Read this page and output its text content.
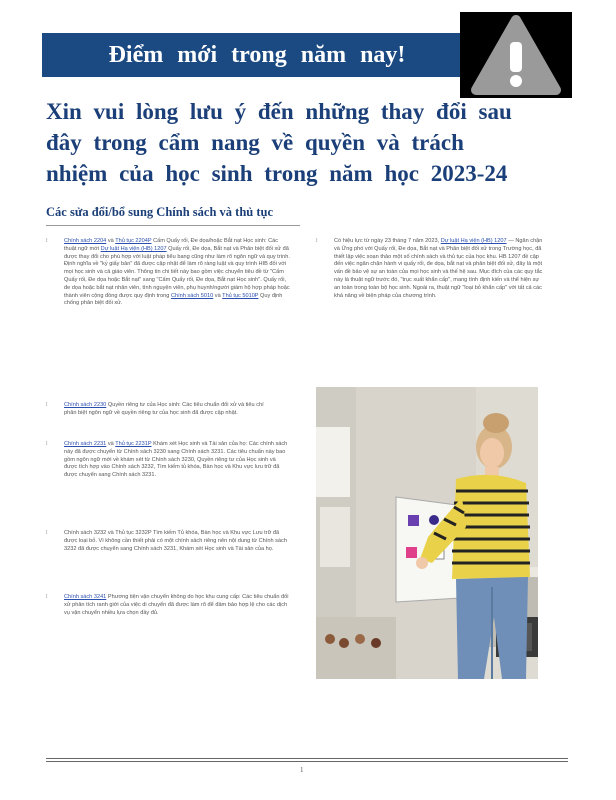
Điểm mới trong năm nay!
Xin vui lòng lưu ý đến những thay đổi sau đây trong cẩm nang về quyền và trách nhiệm của học sinh trong năm học 2023-24
Các sửa đổi/bổ sung Chính sách và thủ tục
⁞	Chính sách 2204 và Thủ tục 2204P Cấm Quấy rối, Đe dọa/hoặc Bắt nạt Học sinh: Các thuật ngữ mới Dự luật Hạ viện (HB) 1207 Quấy rối, Đe dọa, Bắt nạt và Phân biệt đối xử đã được thay đổi cho phù hợp với luật pháp tiểu bang cũng như làm rõ ngôn ngữ và quy trình. Định nghĩa về "kỷ giấy bản" đã được cập nhật để làm rõ ràng luật và quy trình HIB đối với mọi học sinh và cả giáo viên. Thông tin chi tiết này bao gồm việc chuyển tiêu đề từ "Cấm Quấy rối, Đe dọa hoặc Bắt nạt" sang "Cấm Quấy rối, Đe dọa, Bắt nạt Học sinh". Quấy rối, đe dọa hoặc bắt nạt nhân viên, tình nguyện viên, phụ huynh/người giám hộ hợp pháp hoặc thành viên cộng đồng được quy định trong Chính sách 5010 và Thủ tục 5010P Quy định chống phân biệt đối xử.
⁞	Chính sách 2230 Quyền riêng tư của Học sinh: Các tiêu chuẩn đối xử và tiêu chí phân biệt ngôn ngữ về quyền riêng tư của học sinh đã được cập nhật.
⁞	Chính sách 2231 và Thủ tục 2231P Khám xét Học sinh và Tài sản của họ: Các chính sách này đã được chuyển từ Chính sách 3230 sang Chính sách 3231. Các tiêu chuẩn này bao gồm ngôn ngữ mới về khám xét từ Chính sách 3230, Quyền riêng tư của Học sinh và được tích hợp vào Chính sách 3232, Tìm kiếm tủ khóa, Bàn học và Khu vực lưu trữ đã được chuyển sang Chính sách 3231.
⁞	Chính sách 3232 và Thủ tục 3232P Tìm kiếm Tủ khóa, Bàn học và Khu vực Lưu trữ đã được loại bỏ. Vì không cần thiết phải có một chính sách riêng nên nội dung từ Chính sách 3232 đã được chuyển sang Chính sách 3231, Khám xét Học sinh và Tài sản của họ.
⁞	Chính sách 3241 Phương tiện vận chuyển không do học khu cung cấp: Các tiêu chuẩn đối xử phân tích ranh giới của việc di chuyển đã được làm rõ để đảm bảo hợp lệ cho các dịch vụ vận chuyển nhiều lựa chọn đầy đủ.
⁞	Có hiệu lực từ ngày 23 tháng 7 năm 2023, Dự luật Hạ viện (HB) 1207 — Ngăn chặn và Ứng phó với Quấy rối, Đe dọa, Bắt nạt và Phân biệt đối xử trong Trường học, đã thiết lập việc soạn thảo một số chính sách và thủ tục của học khu. HB 1207 đề cập đến việc ngăn chặn hành vi quấy rối, đe dọa, bắt nạt và phân biệt đối xử, đây là một vấn đề bảo vệ sự an toàn của mọi học sinh và thế hệ sau. Mục đích của các quy tắc này là thuật ngữ trước đó, "trục xuất khẩn cấp", mang tính định kiến và thể hiện sự an toàn trong toàn bộ học sinh. Ngoài ra, thuật ngữ "loại bỏ khẩn cấp" với tất cả các khả năng về biện pháp của chương trình.
1
